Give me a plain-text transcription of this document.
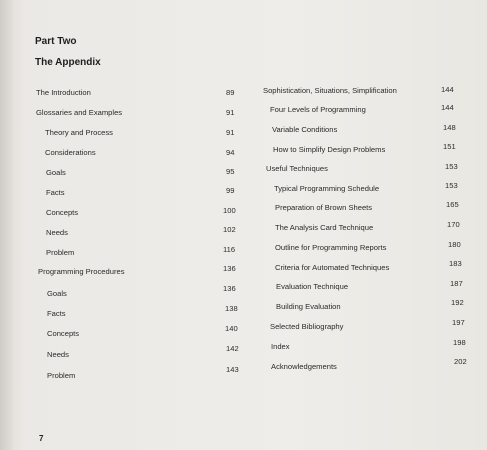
Part Two
The Appendix
The Introduction
Glossaries and Examples
Theory and Process
Considerations
Goals
Facts
Concepts
Needs
Problem
Programming Procedures
Goals
Facts
Concepts
Needs
Problem
89
91
91
94
95
99
100
102
116
136
136
138
140
142
143
Sophistication, Situations, Simplification
Four Levels of Programming
Variable Conditions
How to Simplify Design Problems
Useful Techniques
Typical Programming Schedule
Preparation of Brown Sheets
The Analysis Card Technique
Outline for Programming Reports
Criteria for Automated Techniques
Evaluation Technique
Building Evaluation
Selected Bibliography
Index
Acknowledgements
144
144
148
151
153
153
165
170
180
183
187
192
197
198
202
7
